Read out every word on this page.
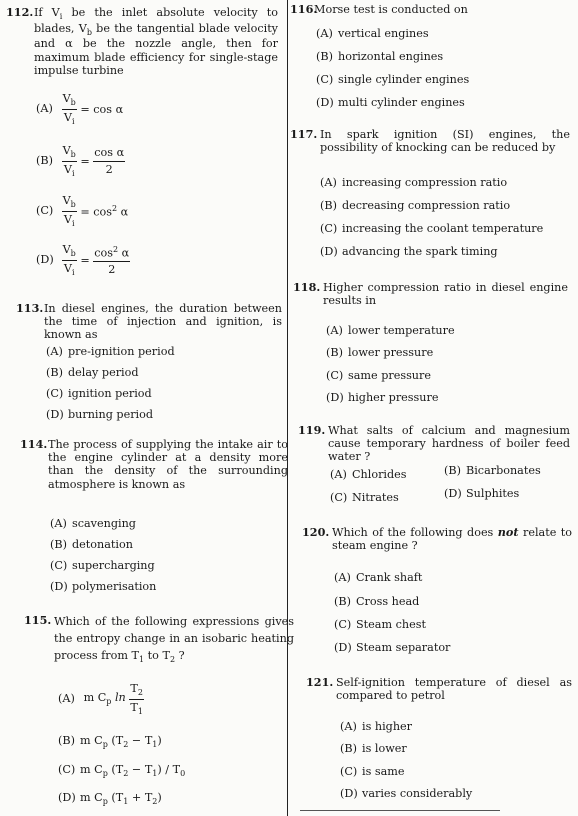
112. If $V_i$ be the inlet absolute velocity to blades, $V_b$ be the tangential blade velocity and α be the nozzle angle, then for maximum blade efficiency for single-stage impulse turbine
$(A) \frac{V_b}{V_i} = \cos \alpha$
$(B) \frac{V_b}{V_i} = \frac{\text{cos α}}{2}$
$(C) \frac{V_b}{V_i} = \cos^2 \alpha$
$(D) \frac{V_b}{V_i} = \frac{\cos^2 \alpha}{2}$
113. In diesel engines, the duration between the time of injection and ignition, is known as
(A) pre-ignition period
(B) delay period
(C) ignition period
(D) burning period
114. The process of supplying the intake air to the engine cylinder at a density more than the density of the surrounding atmosphere is known as
(A) scavenging
(B) detonation
(C) supercharging
(D) polymerisation
115. Which of the following expressions gives the entropy change in an isobaric heating process from $T_1$ to $T_2$ ?
(A) m $C_p$ $\ln \frac{T_2}{T_1}$
(B) m $C_p$ $(T_2 - T_1)$
(C) m $C_p$ $(T_2 - T_1) / T_0$
(D) m $C_p$ $(T_1 + T_2)$
116.
Morse test is conducted on
(A) vertical engines
(B) horizontal engines
(C) single cylinder engines
(D) multi cylinder engines
117. In spark ignition (SI) engines, the possibility of knocking can be reduced by
(A) increasing compression ratio
(B) decreasing compression ratio
(C) increasing the coolant temperature
(D) advancing the spark timing
118. Higher compression ratio in diesel engine results in
(A) lower temperature
(B) lower pressure
(C) same pressure
(D) higher pressure
119. What salts of calcium and magnesium cause temporary hardness of boiler feed water ?
(A) Chlorides	(B) Bicarbonates
(C) Nitrates	(D) Sulphites
120. Which of the following does not relate to steam engine ?
(A) Crank shaft
(B) Cross head
(C) Steam chest
(D) Steam separator
121. Self-ignition temperature of diesel as compared to petrol
(A) is higher
(B) is lower
(C) is same
(D) varies considerably
